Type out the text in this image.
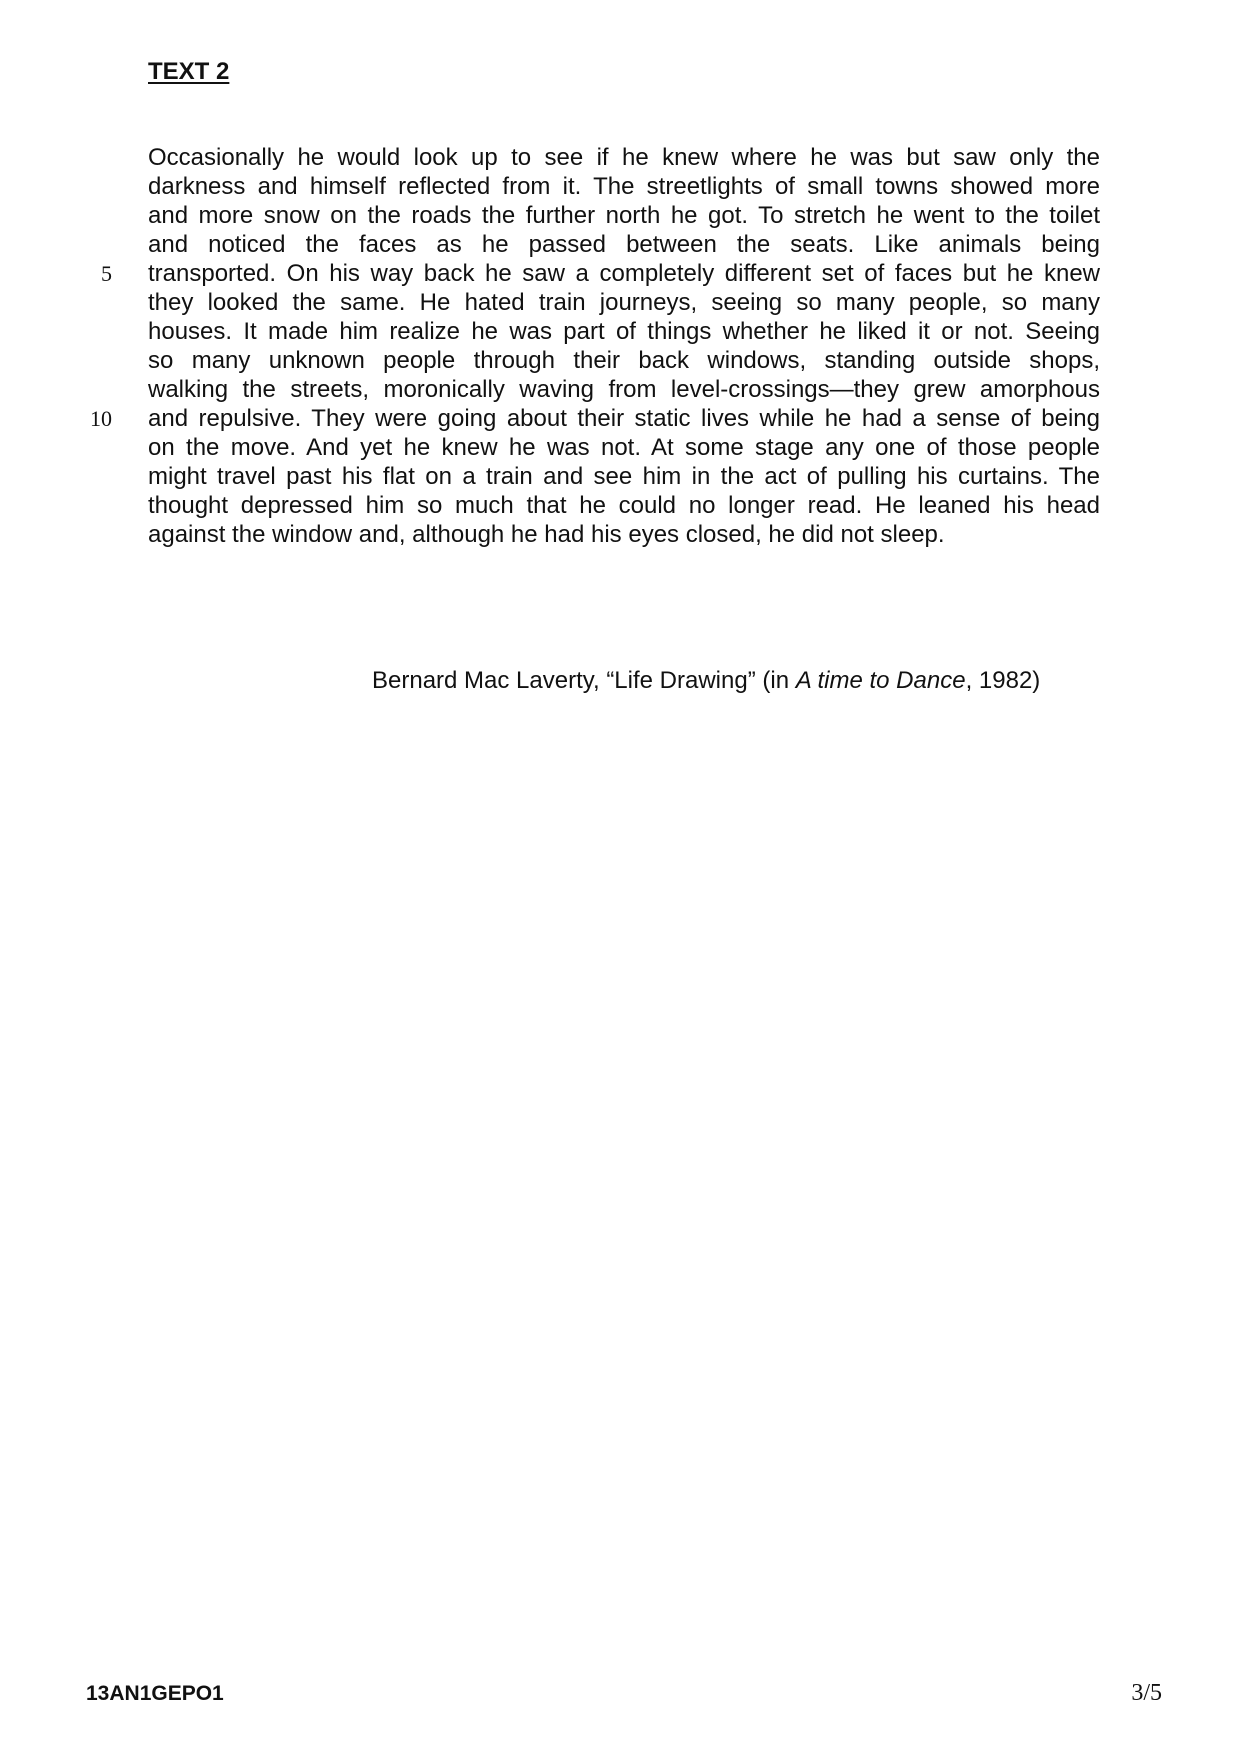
TEXT 2
5
10
Occasionally he would look up to see if he knew where he was but saw only the
darkness and himself reflected from it. The streetlights of small towns showed more
and more snow on the roads the further north he got. To stretch he went to the toilet
and noticed the faces as he passed between the seats. Like animals being
transported. On his way back he saw a completely different set of faces but he knew
they looked the same. He hated train journeys, seeing so many people, so many
houses. It made him realize he was part of things whether he liked it or not. Seeing
so many unknown people through their back windows, standing outside shops,
walking the streets, moronically waving from level-crossings—they grew amorphous
and repulsive. They were going about their static lives while he had a sense of being
on the move. And yet he knew he was not. At some stage any one of those people
might travel past his flat on a train and see him in the act of pulling his curtains. The
thought depressed him so much that he could no longer read. He leaned his head
against the window and, although he had his eyes closed, he did not sleep.
Bernard Mac Laverty, “Life Drawing” (in A time to Dance, 1982)
13AN1GEPO1	3/5
